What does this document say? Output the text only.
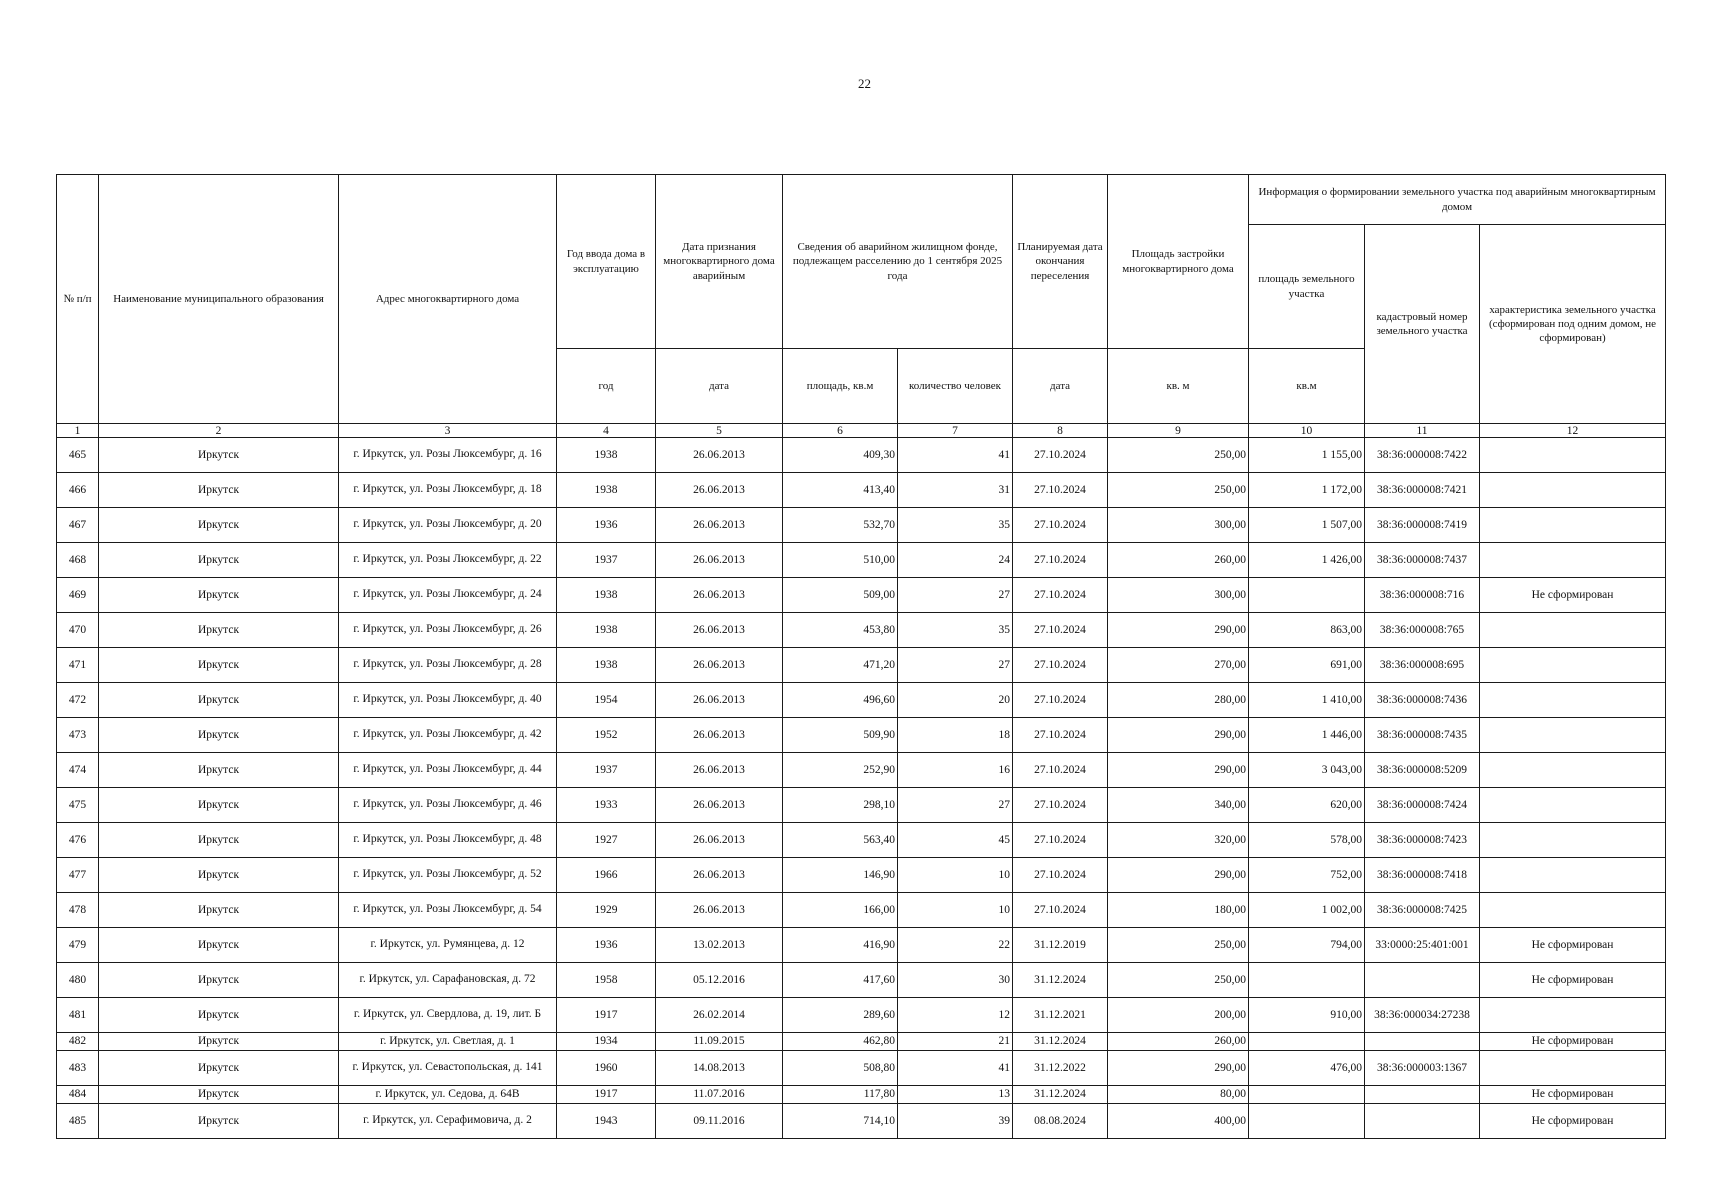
22
№ п/п	Наименование муниципального образования	Адрес многоквартирного дома	Год ввода дома в эксплуатацию	Дата признания многоквартирного дома аварийным	Сведения об аварийном жилищном фонде, подлежащем расселению до 1 сентября 2025 года		Планируемая дата окончания переселения	Площадь застройки многоквартирного дома	Информация о формировании земельного участка под аварийным многоквартирным домом		
									площадь земельного участка	кадастровый номер земельного участка	характеристика земельного участка (сформирован под одним домом, не сформирован)
			год	дата	площадь, кв.м	количество человек	дата	кв. м	кв.м		
1	2	3	4	5	6	7	8	9	10	11	12
465	Иркутск	г. Иркутск, ул. Розы Люксембург, д. 16	1938	26.06.2013	409,30	41	27.10.2024	250,00	1 155,00	38:36:000008:7422	
466	Иркутск	г. Иркутск, ул. Розы Люксембург, д. 18	1938	26.06.2013	413,40	31	27.10.2024	250,00	1 172,00	38:36:000008:7421	
467	Иркутск	г. Иркутск, ул. Розы Люксембург, д. 20	1936	26.06.2013	532,70	35	27.10.2024	300,00	1 507,00	38:36:000008:7419	
468	Иркутск	г. Иркутск, ул. Розы Люксембург, д. 22	1937	26.06.2013	510,00	24	27.10.2024	260,00	1 426,00	38:36:000008:7437	
469	Иркутск	г. Иркутск, ул. Розы Люксембург, д. 24	1938	26.06.2013	509,00	27	27.10.2024	300,00		38:36:000008:716	Не сформирован
470	Иркутск	г. Иркутск, ул. Розы Люксембург, д. 26	1938	26.06.2013	453,80	35	27.10.2024	290,00	863,00	38:36:000008:765	
471	Иркутск	г. Иркутск, ул. Розы Люксембург, д. 28	1938	26.06.2013	471,20	27	27.10.2024	270,00	691,00	38:36:000008:695	
472	Иркутск	г. Иркутск, ул. Розы Люксембург, д. 40	1954	26.06.2013	496,60	20	27.10.2024	280,00	1 410,00	38:36:000008:7436	
473	Иркутск	г. Иркутск, ул. Розы Люксембург, д. 42	1952	26.06.2013	509,90	18	27.10.2024	290,00	1 446,00	38:36:000008:7435	
474	Иркутск	г. Иркутск, ул. Розы Люксембург, д. 44	1937	26.06.2013	252,90	16	27.10.2024	290,00	3 043,00	38:36:000008:5209	
475	Иркутск	г. Иркутск, ул. Розы Люксембург, д. 46	1933	26.06.2013	298,10	27	27.10.2024	340,00	620,00	38:36:000008:7424	
476	Иркутск	г. Иркутск, ул. Розы Люксембург, д. 48	1927	26.06.2013	563,40	45	27.10.2024	320,00	578,00	38:36:000008:7423	
477	Иркутск	г. Иркутск, ул. Розы Люксембург, д. 52	1966	26.06.2013	146,90	10	27.10.2024	290,00	752,00	38:36:000008:7418	
478	Иркутск	г. Иркутск, ул. Розы Люксембург, д. 54	1929	26.06.2013	166,00	10	27.10.2024	180,00	1 002,00	38:36:000008:7425	
479	Иркутск	г. Иркутск, ул. Румянцева, д. 12	1936	13.02.2013	416,90	22	31.12.2019	250,00	794,00	33:0000:25:401:001	Не сформирован
480	Иркутск	г. Иркутск, ул. Сарафановская, д. 72	1958	05.12.2016	417,60	30	31.12.2024	250,00			Не сформирован
481	Иркутск	г. Иркутск, ул. Свердлова, д. 19, лит. Б	1917	26.02.2014	289,60	12	31.12.2021	200,00	910,00	38:36:000034:27238	
482	Иркутск	г. Иркутск, ул. Светлая, д. 1	1934	11.09.2015	462,80	21	31.12.2024	260,00			Не сформирован
483	Иркутск	г. Иркутск, ул. Севастопольская, д. 141	1960	14.08.2013	508,80	41	31.12.2022	290,00	476,00	38:36:000003:1367	
484	Иркутск	г. Иркутск, ул. Седова, д. 64В	1917	11.07.2016	117,80	13	31.12.2024	80,00			Не сформирован
485	Иркутск	г. Иркутск, ул. Серафимовича, д. 2	1943	09.11.2016	714,10	39	08.08.2024	400,00			Не сформирован
